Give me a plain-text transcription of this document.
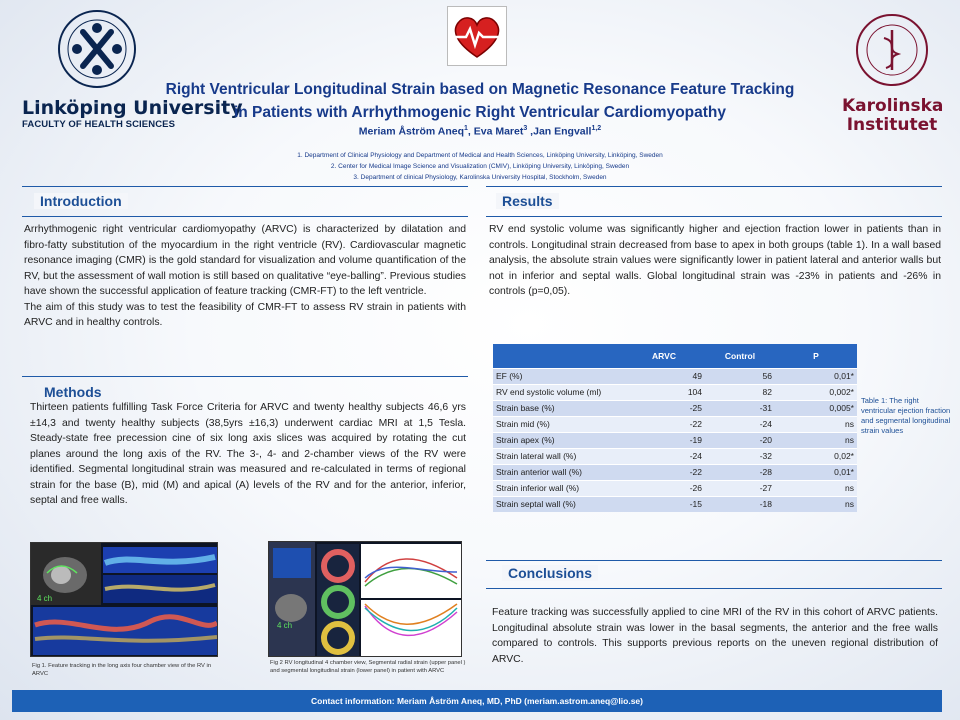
Linköping University
FACULTY OF HEALTH SCIENCES
Karolinska
Institutet
Right Ventricular Longitudinal Strain based on Magnetic Resonance Feature Tracking
in Patients with Arrhythmogenic Right Ventricular Cardiomyopathy
Meriam Åström Aneq$^1$, Eva Maret$^3$ ,Jan Engvall$^{1,2}$
1. Department of Clinical Physiology and Department of Medical and Health Sciences, Linköping University, Linköping, Sweden
2. Center for Medical Image Science and Visualization (CMIV), Linköping University, Linköping, Sweden
3. Department of clinical Physiology, Karolinska University Hospital, Stockholm, Sweden
Introduction

Arrhythmogenic right ventricular cardiomyopathy (ARVC) is characterized by dilatation and fibro-fatty substitution of the myocardium in the right ventricle (RV). Cardiovascular magnetic resonance imaging (CMR) is the gold standard for visualization and volume quantification of the RV, but the assessment of wall motion is still based on qualitative “eye-balling”. Previous studies have shown the successful application of feature tracking (CMR-FT) to the left ventricle.

The aim of this study was to test the feasibility of CMR-FT to assess RV strain in patients with ARVC and in healthy controls.

Methods
Thirteen patients fulfilling Task Force Criteria for ARVC and twenty healthy subjects 46,6 yrs ±14,3 and twenty healthy subjects (38,5yrs ±16,3) underwent cardiac MRI at 1,5 Tesla. Steady-state free precession cine of six long axis slices was acquired by rotating the cut planes around the long axis of the RV. The 3-, 4- and 2-chamber views of the RV were identified. Segmental longitudinal strain was measured and re-calculated in terms of regional strain for the base (B), mid (M) and apical (A) levels of the RV and for the anterior, inferior, septal and free walls.
4 ch
Fig 1. Feature tracking in the long axis four chamber view of the RV in ARVC
4 ch
Fig 2 RV longitudinal 4 chamber view, Segmental radial strain (upper panel ) and segmental longitudinal strain (lower panel) in patient with ARVC
Results
RV end systolic volume was significantly higher and ejection fraction lower in patients than in controls. Longitudinal strain decreased from base to apex in both groups (table 1). In a wall based analysis, the absolute strain values were significantly lower in patient lateral and anterior walls but not in inferior and septal walls. Global longitudinal strain was -23% in patients and -26% in controls (p=0,05).
	ARVC	Control	P
EF (%)	49	56	0,01*
RV end systolic volume (ml)	104	82	0,002*
Strain base (%)	-25	-31	0,005*
Strain mid (%)	-22	-24	ns
Strain apex (%)	-19	-20	ns
Strain lateral wall (%)	-24	-32	0,02*
Strain anterior wall (%)	-22	-28	0,01*
Strain inferior wall (%)	-26	-27	ns
Strain septal wall (%)	-15	-18	ns
Table 1: The right ventricular ejection fraction and segmental longitudinal strain values
Conclusions
Feature tracking was successfully applied to cine MRI of the RV in this cohort of ARVC patients. Longitudinal absolute strain was lower in the basal segments, the anterior and the free walls compared to controls. This supports previous reports on the uneven regional distribution of ARVC.
Contact information: Meriam Åström Aneq, MD, PhD (meriam.astrom.aneq@lio.se)
